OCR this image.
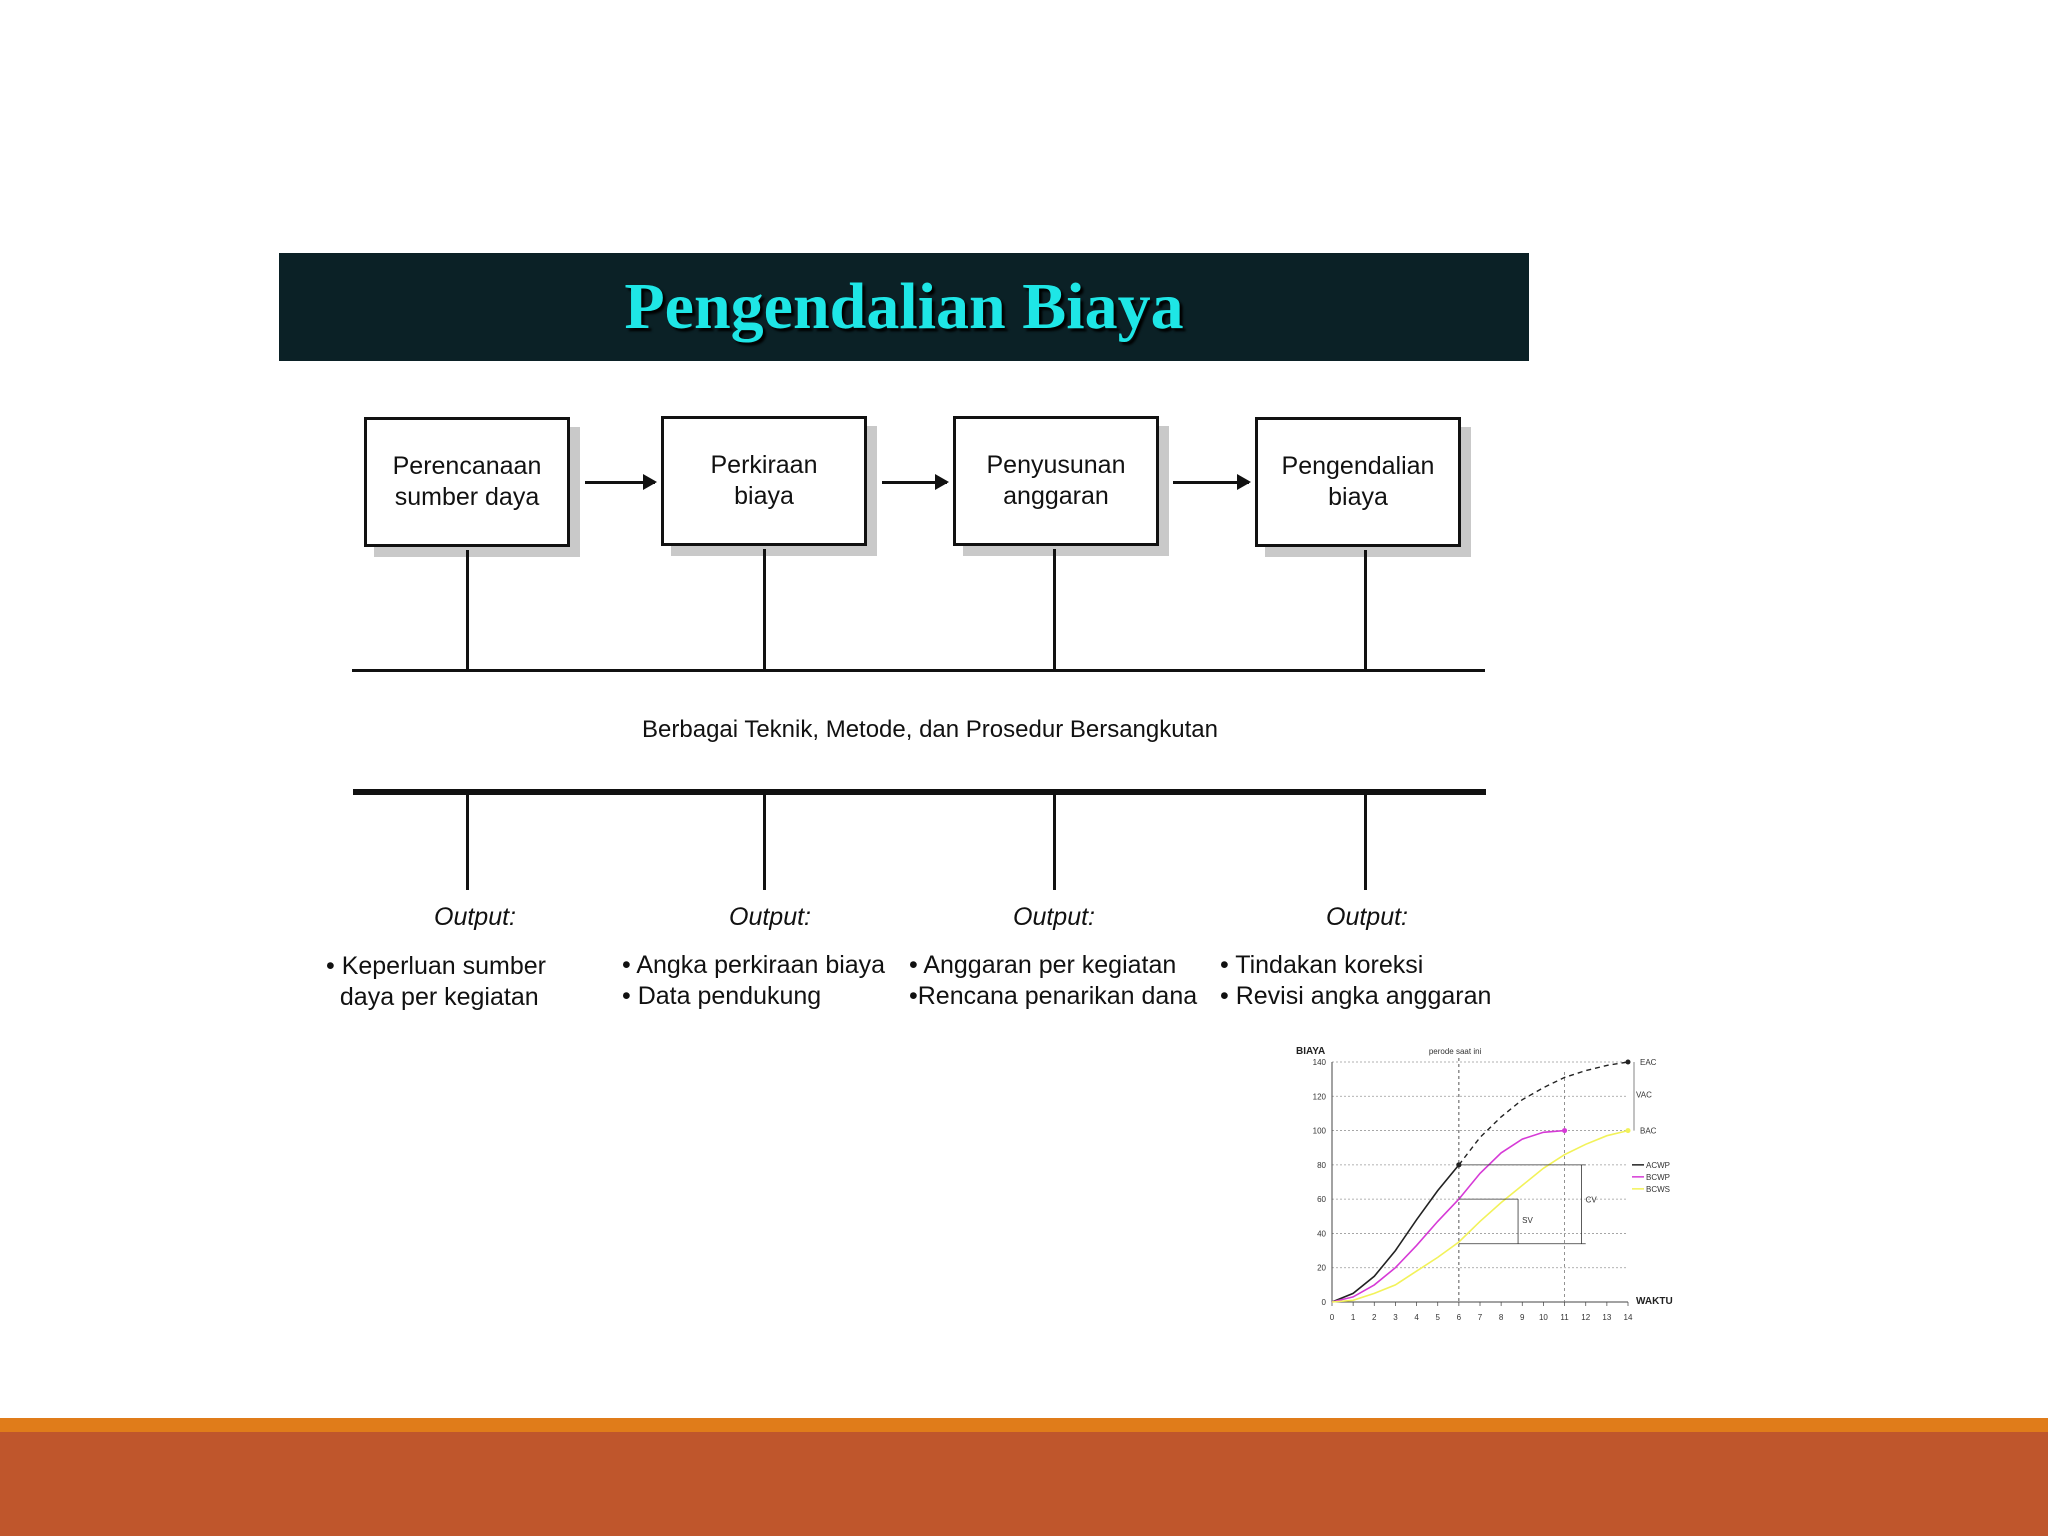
Pengendalian Biaya
Perencanaan
sumber daya
Perkiraan
biaya
Penyusunan
anggaran
Pengendalian
biaya
Berbagai Teknik, Metode, dan Prosedur Bersangkutan
Output:
• Keperluan sumber
daya per kegiatan
Output:
• Angka perkiraan biaya
• Data pendukung
Output:
• Anggaran per kegiatan
•Rencana penarikan dana
Output:
• Tindakan koreksi
• Revisi angka anggaran
0
20
40
60
80
100
120
140
0 1 2 3 4 5 6 7 8 9 10 11 12 13 14
BIAYA
WAKTU
perode saat ini
SV
CV
EAC
VAC
BAC
ACWP
BCWP
BCWS
